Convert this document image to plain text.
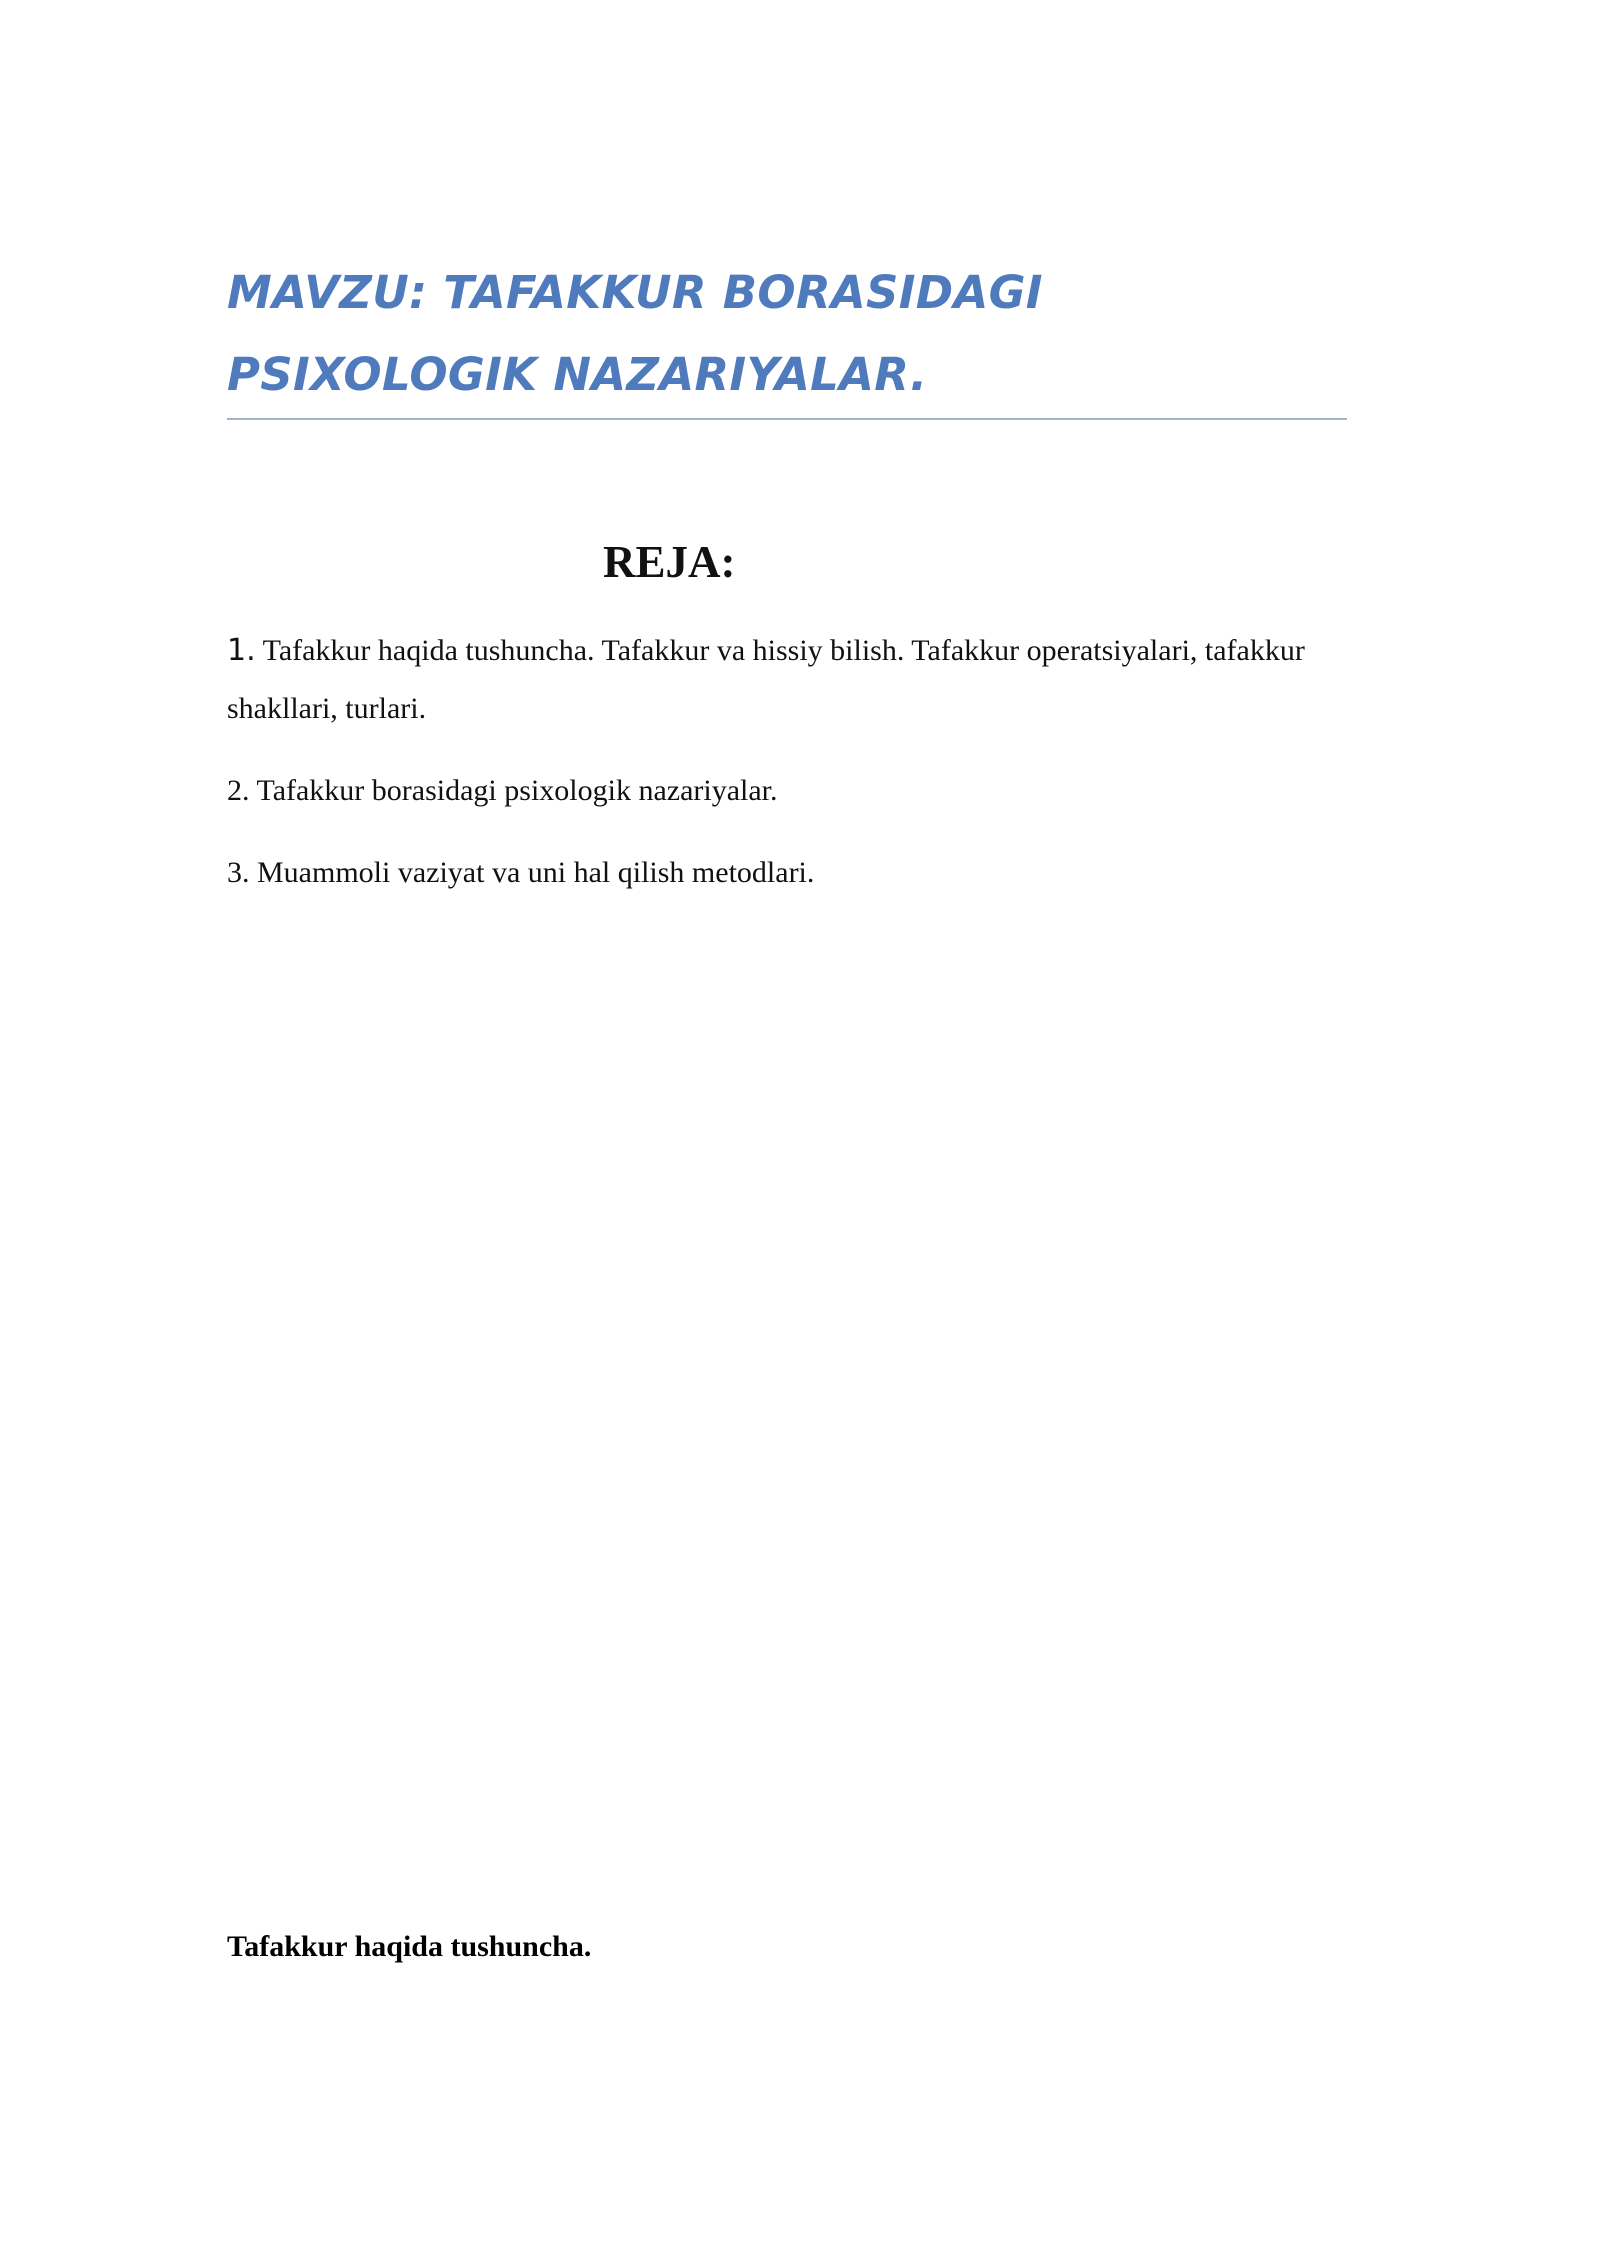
MAVZU: TAFAKKUR BORASIDAGI PSIXOLOGIK NAZARIYALAR.
REJA:

1. Tafakkur haqida tushuncha. Tafakkur va hissiy bilish. Tafakkur operatsiyalari, tafakkur shakllari, turlari.

2. Tafakkur borasidagi psixologik nazariyalar.

3. Muammoli vaziyat va uni hal qilish metodlari.

Tafakkur haqida tushuncha.
